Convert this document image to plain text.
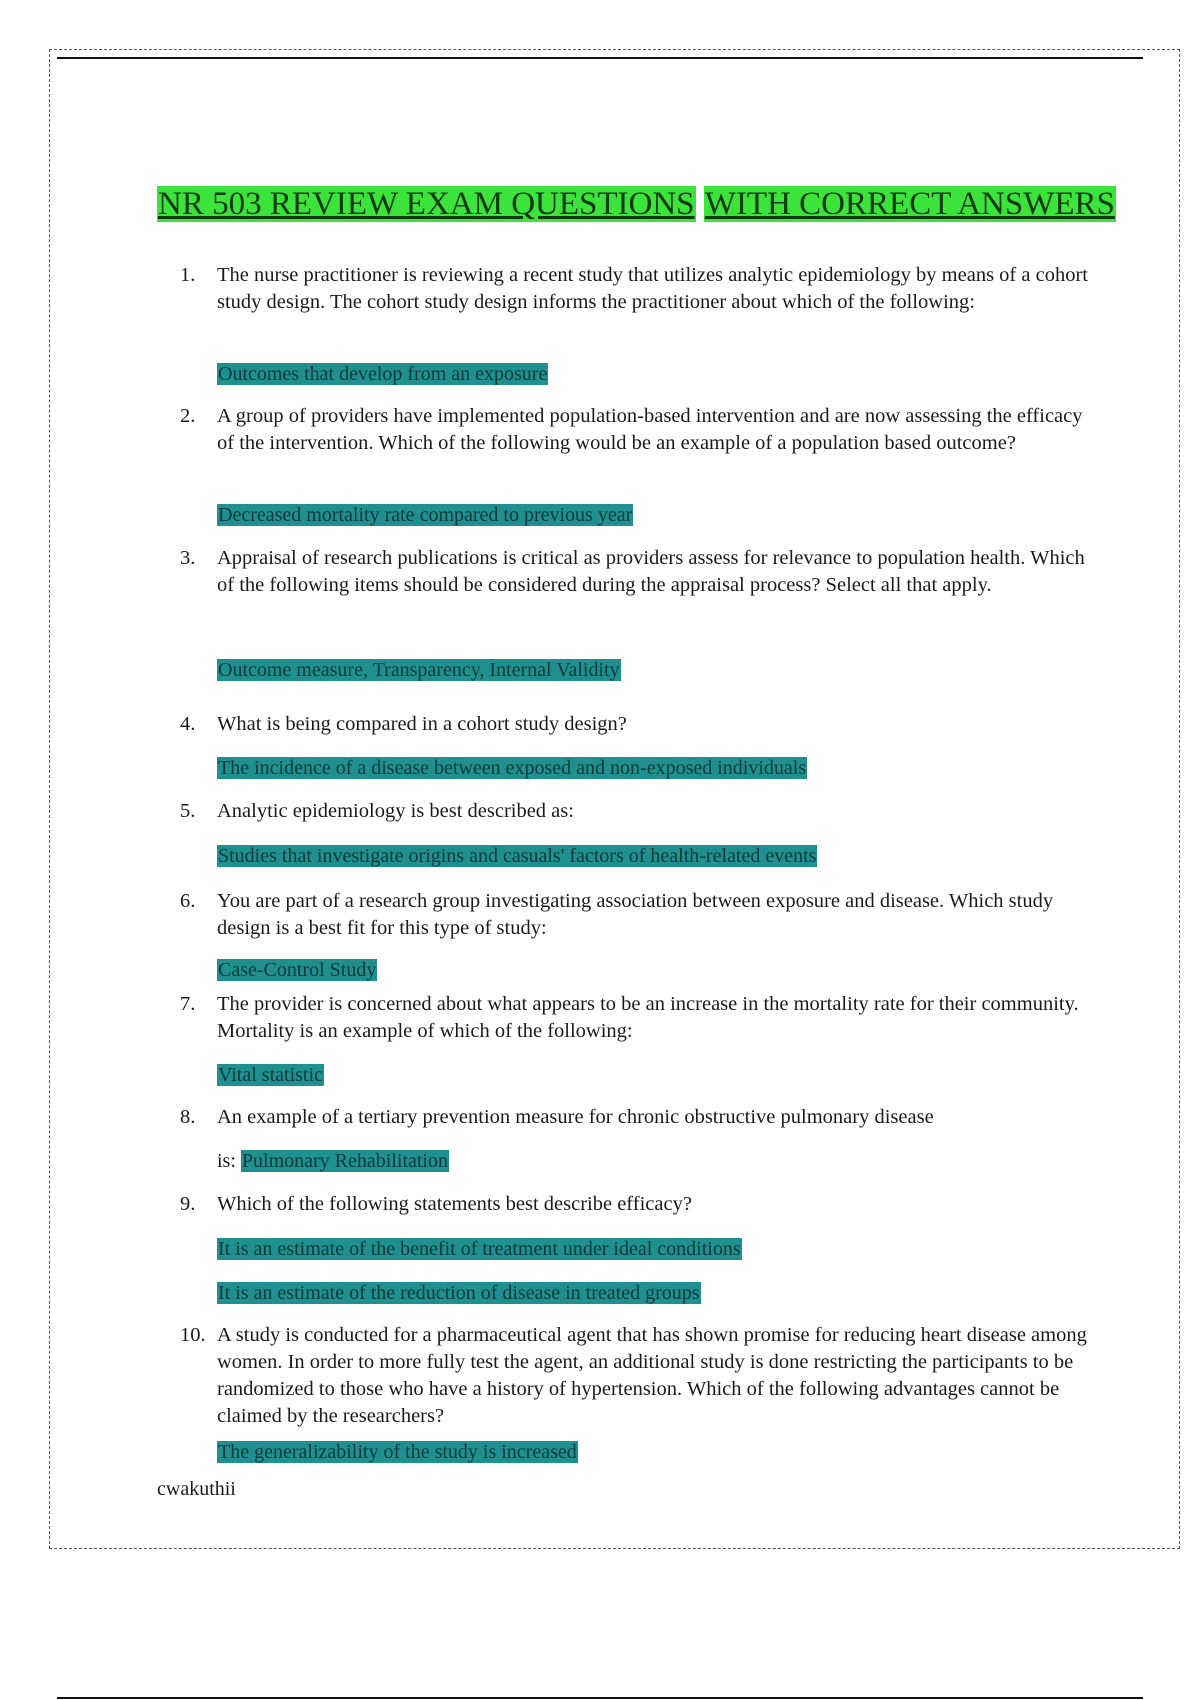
NR 503 REVIEW EXAM QUESTIONS WITH CORRECT ANSWERS
1.	The nurse practitioner is reviewing a recent study that utilizes analytic epidemiology by means of a cohort study design. The cohort study design informs the practitioner about which of the following:
Outcomes that develop from an exposure
2.	A group of providers have implemented population-based intervention and are now assessing the efficacy of the intervention. Which of the following would be an example of a population based outcome?
Decreased mortality rate compared to previous year
3.	Appraisal of research publications is critical as providers assess for relevance to population health. Which of the following items should be considered during the appraisal process? Select all that apply.
Outcome measure, Transparency, Internal Validity
4.	What is being compared in a cohort study design?
The incidence of a disease between exposed and non-exposed individuals
5.	Analytic epidemiology is best described as:
Studies that investigate origins and casuals' factors of health-related events
6.	You are part of a research group investigating association between exposure and disease. Which study design is a best fit for this type of study:
Case-Control Study
7.	The provider is concerned about what appears to be an increase in the mortality rate for their community. Mortality is an example of which of the following:
Vital statistic
8.	An example of a tertiary prevention measure for chronic obstructive pulmonary disease
is: Pulmonary Rehabilitation
9.	Which of the following statements best describe efficacy?
It is an estimate of the benefit of treatment under ideal conditions
It is an estimate of the reduction of disease in treated groups
10. A study is conducted for a pharmaceutical agent that has shown promise for reducing heart disease among women. In order to more fully test the agent, an additional study is done restricting the participants to be randomized to those who have a history of hypertension. Which of the following advantages cannot be claimed by the researchers?
The generalizability of the study is increased
cwakuthii
